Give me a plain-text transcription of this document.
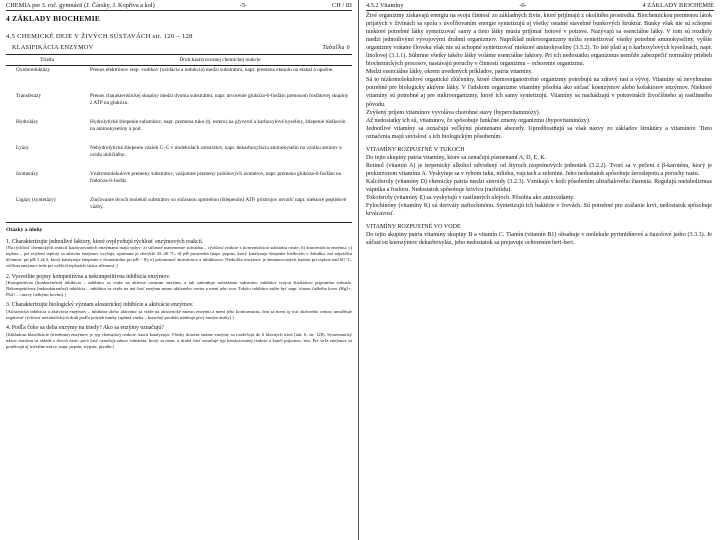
CHEMIA pre 3. roč. gymnázií (J. Čársky, J. Kopřiva a kol)	-5-	CH / III
4 ZÁKLADY BIOCHEMIE
4.5 CHEMICKÉ DEJE V ŽIVÝCH SÚSTAVÁCH str. 120 – 128
KLASIFIKÁCIA ENZÝMOV	Tabuľka 6
Trieda	Druh katalyzovanej chemickej reakcie
Oxidoreduktázy	Prenos elektrónov resp. vodíkov (oxidácia a redukcia) medzi substrátmi, napr. premena etanolu na etanal a opačne.
Transferázy	Prenos charakteristickej skupiny medzi dvoma substrátmi, napr. utvorenie glukóza-6-fosfátu prenosom fosfátovej skupiny z ATP na glukózu.
Hydrolázy	Hydrolytické štiepenie substrátov, napr. premena tuku (tj. esteru) na glycerol a karboxylové kyseliny, štiepenie bielkovín na aminokyseliny a pod.
Lyázy	Nehydrolytické štiepenie väzieb C–C v molekulách substrátov, napr. dekarboxylácia aminokyselín na vzniku aminov a oxidu uhličitého.
Izomerázy	Vnútromolekulové premeny substrátov, vzájomné premeny polohových izomérov, napr. premena glukóza-6-fosfátu na fruktóza-6-fosfát.
Ligázy (syntetázy)	Zlučovanie dvoch molekúl substrátov so súčasnou spotrebou (štiepením) ATP, prístrojov utvoriť napr. niektoré peptidové väzby.
Otázky a úlohy
1. Charakterizujte jednotlivé faktory, ktoré ovplyvňujú rýchlosť enzýmových reakcií.
[Na rýchlosť chemických reakcií katalyzovaných enzýmami majú vplyv: a) súčasné usmernenie substrátu – rýchlosť reakcie s koncentráciou substrátu rastie; b) koncentrácia enzýmu; c) teplota – pri zvýšení teploty sa aktivita enzýmov zvyšuje, optimum je obvykle 35–40 °C; d) pH prostredia (napr. pepsín, ktorý katalyzuje štiepenie bielkovín v žalúdku, má najväčšiu účinnosť pri pH 1 až 2, ktorý katalyzuje štiepenie v dvanástniku pri pH ~ 8); e) prítomnosť aktivátorov a inhibítorov. Niekoľko enzýmov je denaturovaných teplom pri teplote nad 60 °C, väčšina enzýmov teda pri vyšších teplotách stráca účinnosť.]
2. Vysvetlite pojmy kompetitívna a nekompetitívna inhibícia enzýmov.
[Kompetitívna (konkurenčná) inhibícia – inhibítor sa viaže na aktívne centrum enzýmu, a tak zabraňuje naviazaniu substrátu; inhibítor svojou štruktúrou pripomína substrát. Nekompetitívna (nekonkurenčná) inhibícia – inhibítor sa viaže na inú časť enzýmu mimo aktívneho centra a mení jeho tvar. Takýto inhibítor môže byť napr. iónom ťažkého kovu (Hg2+, Pb2+ – otravy ťažkými kovmi).]
3. Charakterizujte biologický význam alosterickej inhibície a aktivácie enzýmov.
[Alosterická inhibícia a aktivácia enzýmov – inhibítor alebo aktivátor sa viaže na alosterické miesto enzýmu a mení jeho konformáciu, čím sa mení aj tvar aktívneho centra; umožňuje regulovať rýchlosť metabolických dráh podľa potrieb bunky (spätná väzba – konečný produkt inhibuje prvý enzým dráhy).]
4. Podľa čoho sa delia enzýmy na triedy? Ako sa enzýmy označujú?
[Základom klasifikácie (triedenia) enzýmov je typ chemickej reakcie, ktorú katalyzujú. Všetky doteraz známe enzýmy sa rozdeľujú do 6 hlavných tried (tab. 6, str. 128). Systematický názov enzýmu sa skladá z dvoch častí: prvá časť označuje názov substrátu, ktorý sa mení, a druhá časť označuje typ katalyzovanej reakcie a končí príponou -áza. Pre veľa enzýmov sa používajú aj triviálne názvy, napr. pepsín, trypsín, ptyalín.]
4.5.2 Vitamíny	-6-	4 ZÁKLADY BIOCHEMIE

Živé organizmy získavajú energiu na svoju činnosť zo základných živín, ktoré prijímajú z okolitého prostredia. Biochemickou premenou látok prijatých v živinách sa spolu s uvoľňovaním energie syntetizujú aj všetky ostatné stavebné bunkových štruktúr. Bunky však nie sú schopné niektoré potrebné látky syntetizovať samy a tieto látky musia prijímať hotové v potrave. Nazývajú sa esenciálne látky. V tom sú rozdiely medzi jednotlivými vývojovými druhmi organizmov. Napríklad mikroorganizmy môžu syntetizovať všetky potrebné aminokyseliny, vyššie organizmy vrátane človeka však nie sú schopné syntetizovať niektoré aminokyseliny (3.5.2). To isté platí aj o karboxylových kyselinách, napr. linolovej (3.1.1). Súhrnne všetky takéto látky voláme esenciálne faktory. Pri ich nedostatku organizmus nemôže zabezpečiť normálny priebeh biochemických procesov, nastávajú poruchy v činnosti organizmu – ochorenie organizmu.

Medzi esenciálne látky, okrem uvedených príkladov, patria vitamíny.

Sú to nízkomolekulové organické zlúčeniny, ktoré chemoorganotrofné organizmy potrebujú na zdravý rast a vývoj. Vitamíny sú nevyhnutne potrebné pre biologicky aktívne látky. V ľudskom organizme vitamíny pôsobia ako súčasť koenzýmov alebo kofaktorov enzýmov. Niektoré vitamíny sú potrebné aj pre mikroorganizmy, ktoré ich samy syntetizujú. Vitamíny sa nachádzajú v potravinách živočíšneho aj rastlinného pôvodu.

Zvýšený príjem vitamínov vyvoláva chorobné stavy (hypervitaminózy).

Až nedostatky ich sú, vitamínov, čo spôsobuje funkčné zmeny organizmu (hypovitaminózy).

Jednotlivé vitamíny sa označujú veľkými písmenami abecedy. Upredňostňujú sa však názvy zo základov štruktúry a vitamínov. Tieto označenia majú súvislosť s ich biologickým pôsobením.

VITAMÍNY ROZPUSTNÉ V TUKOCH

Do tejto skupiny patria vitamíny, ktoré sa označujú písmenami A, D, E, K.

Retinol (vitamín A) je terpenický alkohol odvodený od štyroch izoprénových jednotiek (3.2.2). Tvorí sa v pečeni z β-karoténu, ktorý je prekurzorom vitamínu A. Vyskytuje sa v rybom tuku, mlieku, vajciach a zelenine. Jeho nedostatok spôsobuje šeroslepotu a poruchy rastu.

Kalciferoly (vitamíny D) chemicky patria medzi steroidy (3.2.3). Vznikajú v koži pôsobením ultrafialového žiarenia. Regulujú metabolizmus vápnika a fosforu. Nedostatok spôsobuje krivicu (rachitídu).

Tokoferoly (vitamíny E) sa vyskytujú v rastlinných olejoch. Pôsobia ako antioxidanty.

Fylochinóny (vitamíny K) sú deriváty naftochinónu. Syntetizujú ich baktérie v črevách. Sú potrebné pre zrážanie krvi, nedostatok spôsobuje krvácavosť.

VITAMÍNY ROZPUSTNÉ VO VODE

Do tejto skupiny patria vitamíny skupiny B a vitamín C. Tiamín (vitamín B1) obsahuje v molekule pyrimidínové a tiazolové jadro (3.3.3). Je súčasťou koenzýmov dekarboxyláz, jeho nedostatok sa prejavuje ochorením beri-beri.
